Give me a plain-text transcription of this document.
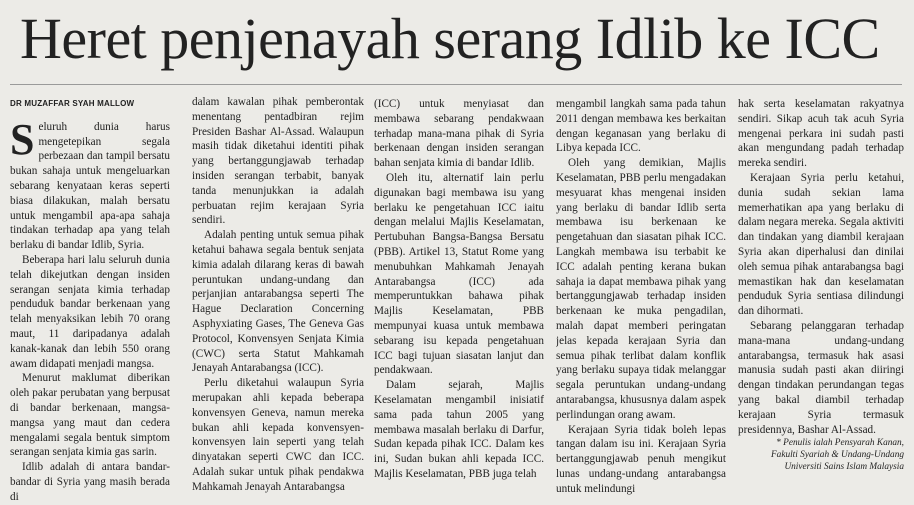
Heret penjenayah serang Idlib ke ICC
DR MUZAFFAR SYAH MALLOW

Seluruh dunia harus mengetepikan segala perbezaan dan tampil bersatu bukan sahaja untuk mengeluarkan sebarang kenyataan keras seperti biasa dilakukan, malah bersatu untuk mengambil apa-apa sahaja tindakan terhadap apa yang telah berlaku di bandar Idlib, Syria.

Beberapa hari lalu seluruh dunia telah dikejutkan dengan insiden serangan senjata kimia terhadap penduduk bandar berkenaan yang telah menyaksikan lebih 70 orang maut, 11 daripadanya adalah kanak-kanak dan lebih 550 orang awam didapati menjadi mangsa.

Menurut maklumat diberikan oleh pakar perubatan yang berpusat di bandar berkenaan, mangsa-mangsa yang maut dan cedera mengalami segala bentuk simptom serangan senjata kimia gas sarin.

Idlib adalah di antara bandar-bandar di Syria yang masih berada di

dalam kawalan pihak pemberontak menentang pentadbiran rejim Presiden Bashar Al-Assad. Walaupun masih tidak diketahui identiti pihak yang bertanggungjawab terhadap insiden serangan terbabit, banyak tanda menunjukkan ia adalah perbuatan rejim kerajaan Syria sendiri.

Adalah penting untuk semua pihak ketahui bahawa segala bentuk senjata kimia adalah dilarang keras di bawah peruntukan undang-undang dan perjanjian antarabangsa seperti The Hague Declaration Concerning Asphyxiating Gases, The Geneva Gas Protocol, Konvensyen Senjata Kimia (CWC) serta Statut Mahkamah Jenayah Antarabangsa (ICC).

Perlu diketahui walaupun Syria merupakan ahli kepada beberapa konvensyen Geneva, namun mereka bukan ahli kepada konvensyen-konvensyen lain seperti yang telah dinyatakan seperti CWC dan ICC. Adalah sukar untuk pihak pendakwa Mahkamah Jenayah Antarabangsa

(ICC) untuk menyiasat dan membawa sebarang pendakwaan terhadap mana-mana pihak di Syria berkenaan dengan insiden serangan bahan senjata kimia di bandar Idlib.

Oleh itu, alternatif lain perlu digunakan bagi membawa isu yang berlaku ke pengetahuan ICC iaitu dengan melalui Majlis Keselamatan, Pertubuhan Bangsa-Bangsa Bersatu (PBB). Artikel 13, Statut Rome yang menubuhkan Mahkamah Jenayah Antarabangsa (ICC) ada memperuntukkan bahawa pihak Majlis Keselamatan, PBB mempunyai kuasa untuk membawa sebarang isu kepada pengetahuan ICC bagi tujuan siasatan lanjut dan pendakwaan.

Dalam sejarah, Majlis Keselamatan mengambil inisiatif sama pada tahun 2005 yang membawa masalah berlaku di Darfur, Sudan kepada pihak ICC. Dalam kes ini, Sudan bukan ahli kepada ICC. Majlis Keselamatan, PBB juga telah

mengambil langkah sama pada tahun 2011 dengan membawa kes berkaitan dengan keganasan yang berlaku di Libya kepada ICC.

Oleh yang demikian, Majlis Keselamatan, PBB perlu mengadakan mesyuarat khas mengenai insiden yang berlaku di bandar Idlib serta membawa isu berkenaan ke pengetahuan dan siasatan pihak ICC. Langkah membawa isu terbabit ke ICC adalah penting kerana bukan sahaja ia dapat membawa pihak yang bertanggungjawab terhadap insiden berkenaan ke muka pengadilan, malah dapat memberi peringatan jelas kepada kerajaan Syria dan semua pihak terlibat dalam konflik yang berlaku supaya tidak melanggar segala peruntukan undang-undang antarabangsa, khususnya dalam aspek perlindungan orang awam.

Kerajaan Syria tidak boleh lepas tangan dalam isu ini. Kerajaan Syria bertanggungjawab penuh mengikut lunas undang-undang antarabangsa untuk melindungi

hak serta keselamatan rakyatnya sendiri. Sikap acuh tak acuh Syria mengenai perkara ini sudah pasti akan mengundang padah terhadap mereka sendiri.

Kerajaan Syria perlu ketahui, dunia sudah sekian lama memerhatikan apa yang berlaku di dalam negara mereka. Segala aktiviti dan tindakan yang diambil kerajaan Syria akan diperhalusi dan dinilai oleh semua pihak antarabangsa bagi memastikan hak dan keselamatan penduduk Syria sentiasa dilindungi dan dihormati.

Sebarang pelanggaran terhadap mana-mana undang-undang antarabangsa, termasuk hak asasi manusia sudah pasti akan diiringi dengan tindakan perundangan tegas yang bakal diambil terhadap kerajaan Syria termasuk presidennya, Bashar Al-Assad.

* Penulis ialah Pensyarah Kanan, Fakulti Syariah & Undang-Undang Universiti Sains Islam Malaysia
